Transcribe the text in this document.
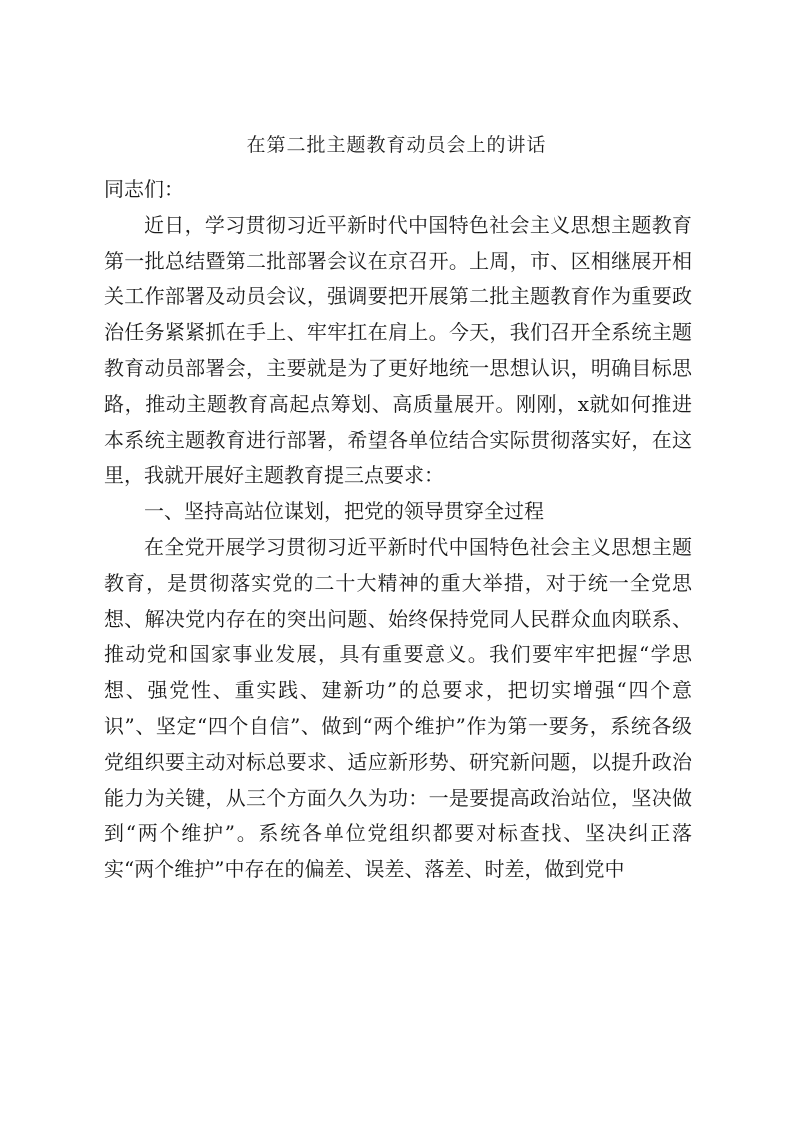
在第二批主题教育动员会上的讲话

同志们：

近日，学习贯彻习近平新时代中国特色社会主义思想主题教育第一批总结暨第二批部署会议在京召开。上周，市、区相继展开相关工作部署及动员会议，强调要把开展第二批主题教育作为重要政治任务紧紧抓在手上、牢牢扛在肩上。今天，我们召开全系统主题教育动员部署会，主要就是为了更好地统一思想认识，明确目标思路，推动主题教育高起点筹划、高质量展开。刚刚，x就如何推进本系统主题教育进行部署，希望各单位结合实际贯彻落实好，在这里，我就开展好主题教育提三点要求：

一、坚持高站位谋划，把党的领导贯穿全过程

在全党开展学习贯彻习近平新时代中国特色社会主义思想主题教育，是贯彻落实党的二十大精神的重大举措，对于统一全党思想、解决党内存在的突出问题、始终保持党同人民群众血肉联系、推动党和国家事业发展，具有重要意义。我们要牢牢把握“学思想、强党性、重实践、建新功”的总要求，把切实增强“四个意识”、坚定“四个自信”、做到“两个维护”作为第一要务，系统各级党组织要主动对标总要求、适应新形势、研究新问题，以提升政治能力为关键，从三个方面久久为功：一是要提高政治站位，坚决做到“两个维护”。系统各单位党组织都要对标查找、坚决纠正落实“两个维护”中存在的偏差、误差、落差、时差，做到党中
